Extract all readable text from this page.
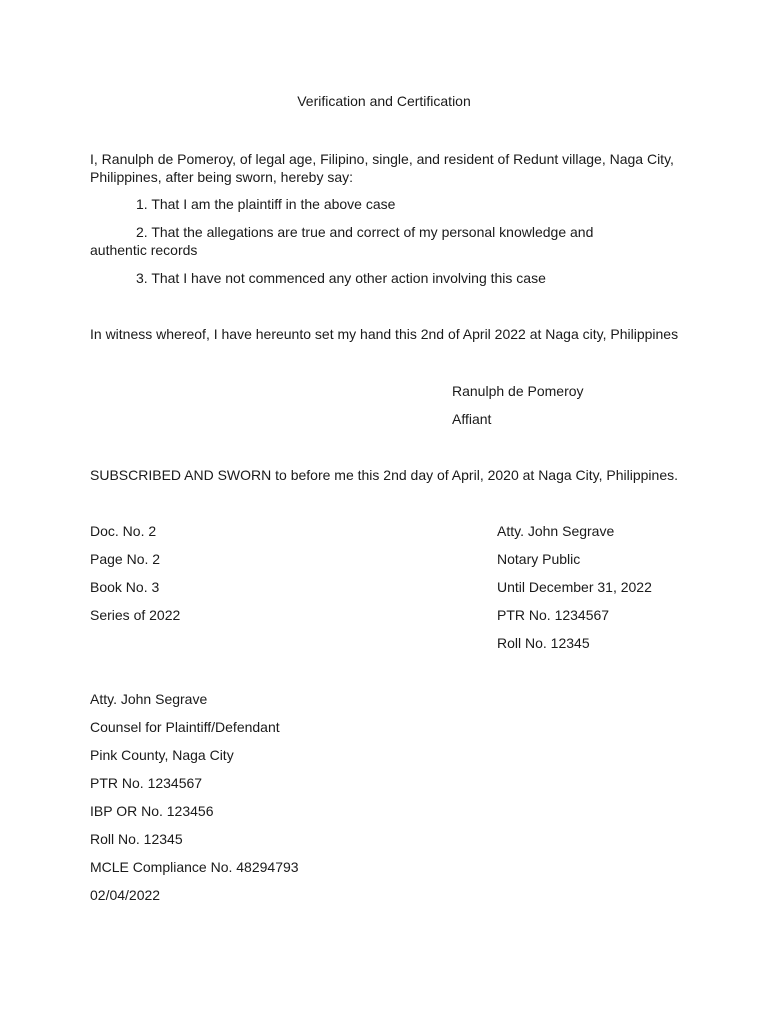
Verification and Certification
I, Ranulph de Pomeroy, of legal age, Filipino, single, and resident of Redunt village, Naga City, Philippines, after being sworn, hereby say:
1. That I am the plaintiff in the above case
2. That the allegations are true and correct of my personal knowledge and authentic records
3. That I have not commenced any other action involving this case
In witness whereof, I have hereunto set my hand this 2nd of April 2022 at Naga city, Philippines
Ranulph de Pomeroy
Affiant
SUBSCRIBED AND SWORN to before me this 2nd day of April, 2020 at Naga City, Philippines.
Doc. No. 2
Page No. 2
Book No. 3
Series of 2022
Atty. John Segrave
Notary Public
Until December 31, 2022
PTR No. 1234567
Roll No. 12345
Atty. John Segrave
Counsel for Plaintiff/Defendant
Pink County, Naga City
PTR No. 1234567
IBP OR No. 123456
Roll No. 12345
MCLE Compliance No. 48294793
02/04/2022
